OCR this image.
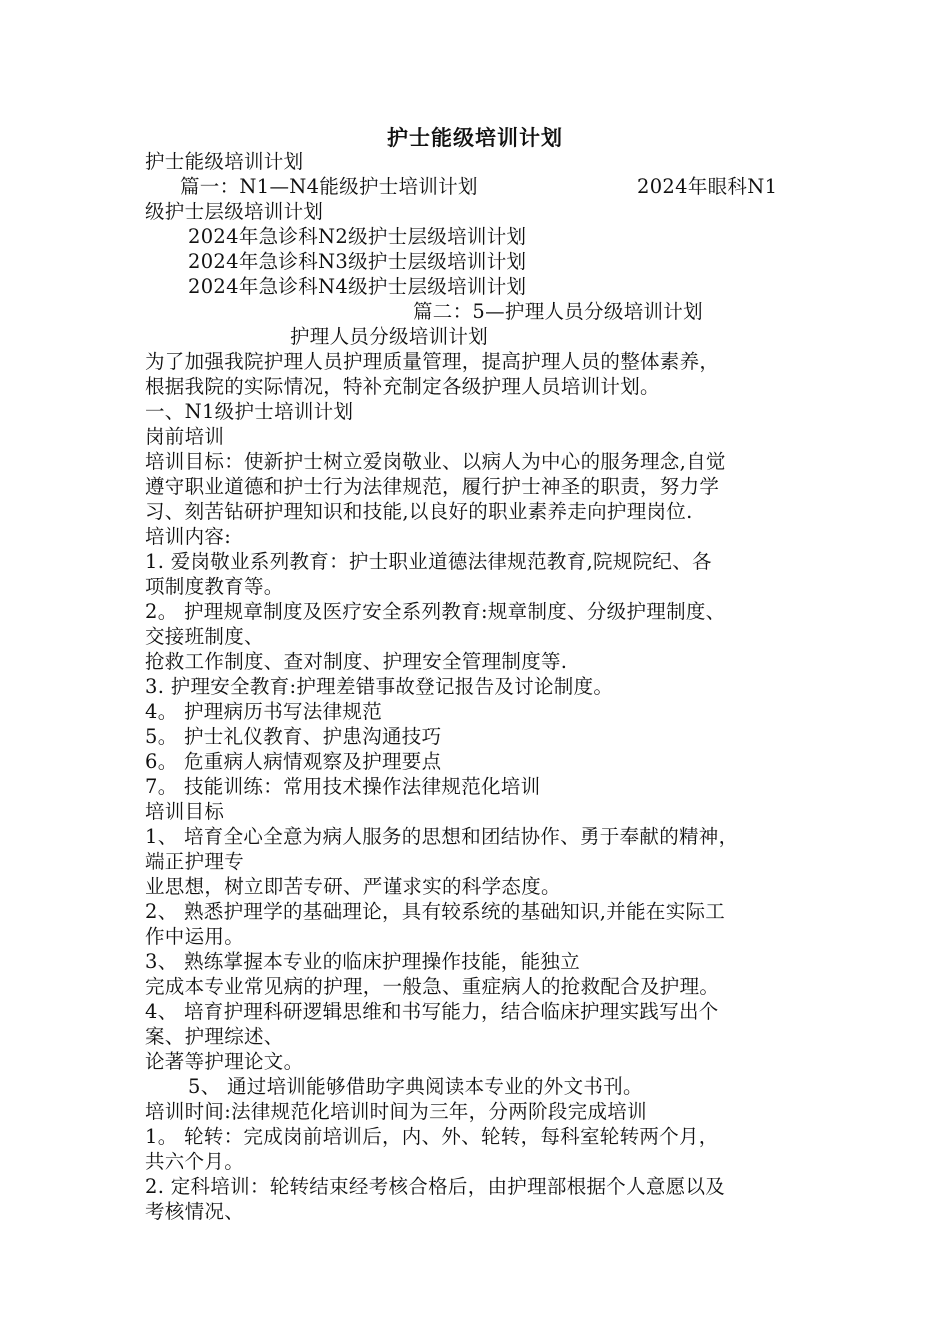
护士能级培训计划
护士能级培训计划
篇一：N1—N4能级护士培训计划	2024年眼科N1
级护士层级培训计划
2024年急诊科N2级护士层级培训计划
2024年急诊科N3级护士层级培训计划
2024年急诊科N4级护士层级培训计划
篇二：5—护理人员分级培训计划
护理人员分级培训计划
为了加强我院护理人员护理质量管理，提高护理人员的整体素养，
根据我院的实际情况，特补充制定各级护理人员培训计划。
一、N1级护士培训计划
岗前培训
培训目标：使新护士树立爱岗敬业、以病人为中心的服务理念,自觉
遵守职业道德和护士行为法律规范，履行护士神圣的职责，努力学
习、刻苦钻研护理知识和技能,以良好的职业素养走向护理岗位.
培训内容:
1. 爱岗敬业系列教育：护士职业道德法律规范教育,院规院纪、各
项制度教育等。
2。 护理规章制度及医疗安全系列教育:规章制度、分级护理制度、
交接班制度、
抢救工作制度、查对制度、护理安全管理制度等.
3. 护理安全教育:护理差错事故登记报告及讨论制度。
4。 护理病历书写法律规范
5。 护士礼仪教育、护患沟通技巧
6。 危重病人病情观察及护理要点
7。 技能训练：常用技术操作法律规范化培训
培训目标
1、 培育全心全意为病人服务的思想和团结协作、勇于奉献的精神，
端正护理专
业思想，树立即苦专研、严谨求实的科学态度。
2、 熟悉护理学的基础理论，具有较系统的基础知识,并能在实际工
作中运用。
3、 熟练掌握本专业的临床护理操作技能，能独立
完成本专业常见病的护理，一般急、重症病人的抢救配合及护理。
4、 培育护理科研逻辑思维和书写能力，结合临床护理实践写出个
案、护理综述、
论著等护理论文。
5、 通过培训能够借助字典阅读本专业的外文书刊。
培训时间:法律规范化培训时间为三年，分两阶段完成培训
1。 轮转：完成岗前培训后，内、外、轮转，每科室轮转两个月，
共六个月。
2. 定科培训：轮转结束经考核合格后，由护理部根据个人意愿以及
考核情况、
